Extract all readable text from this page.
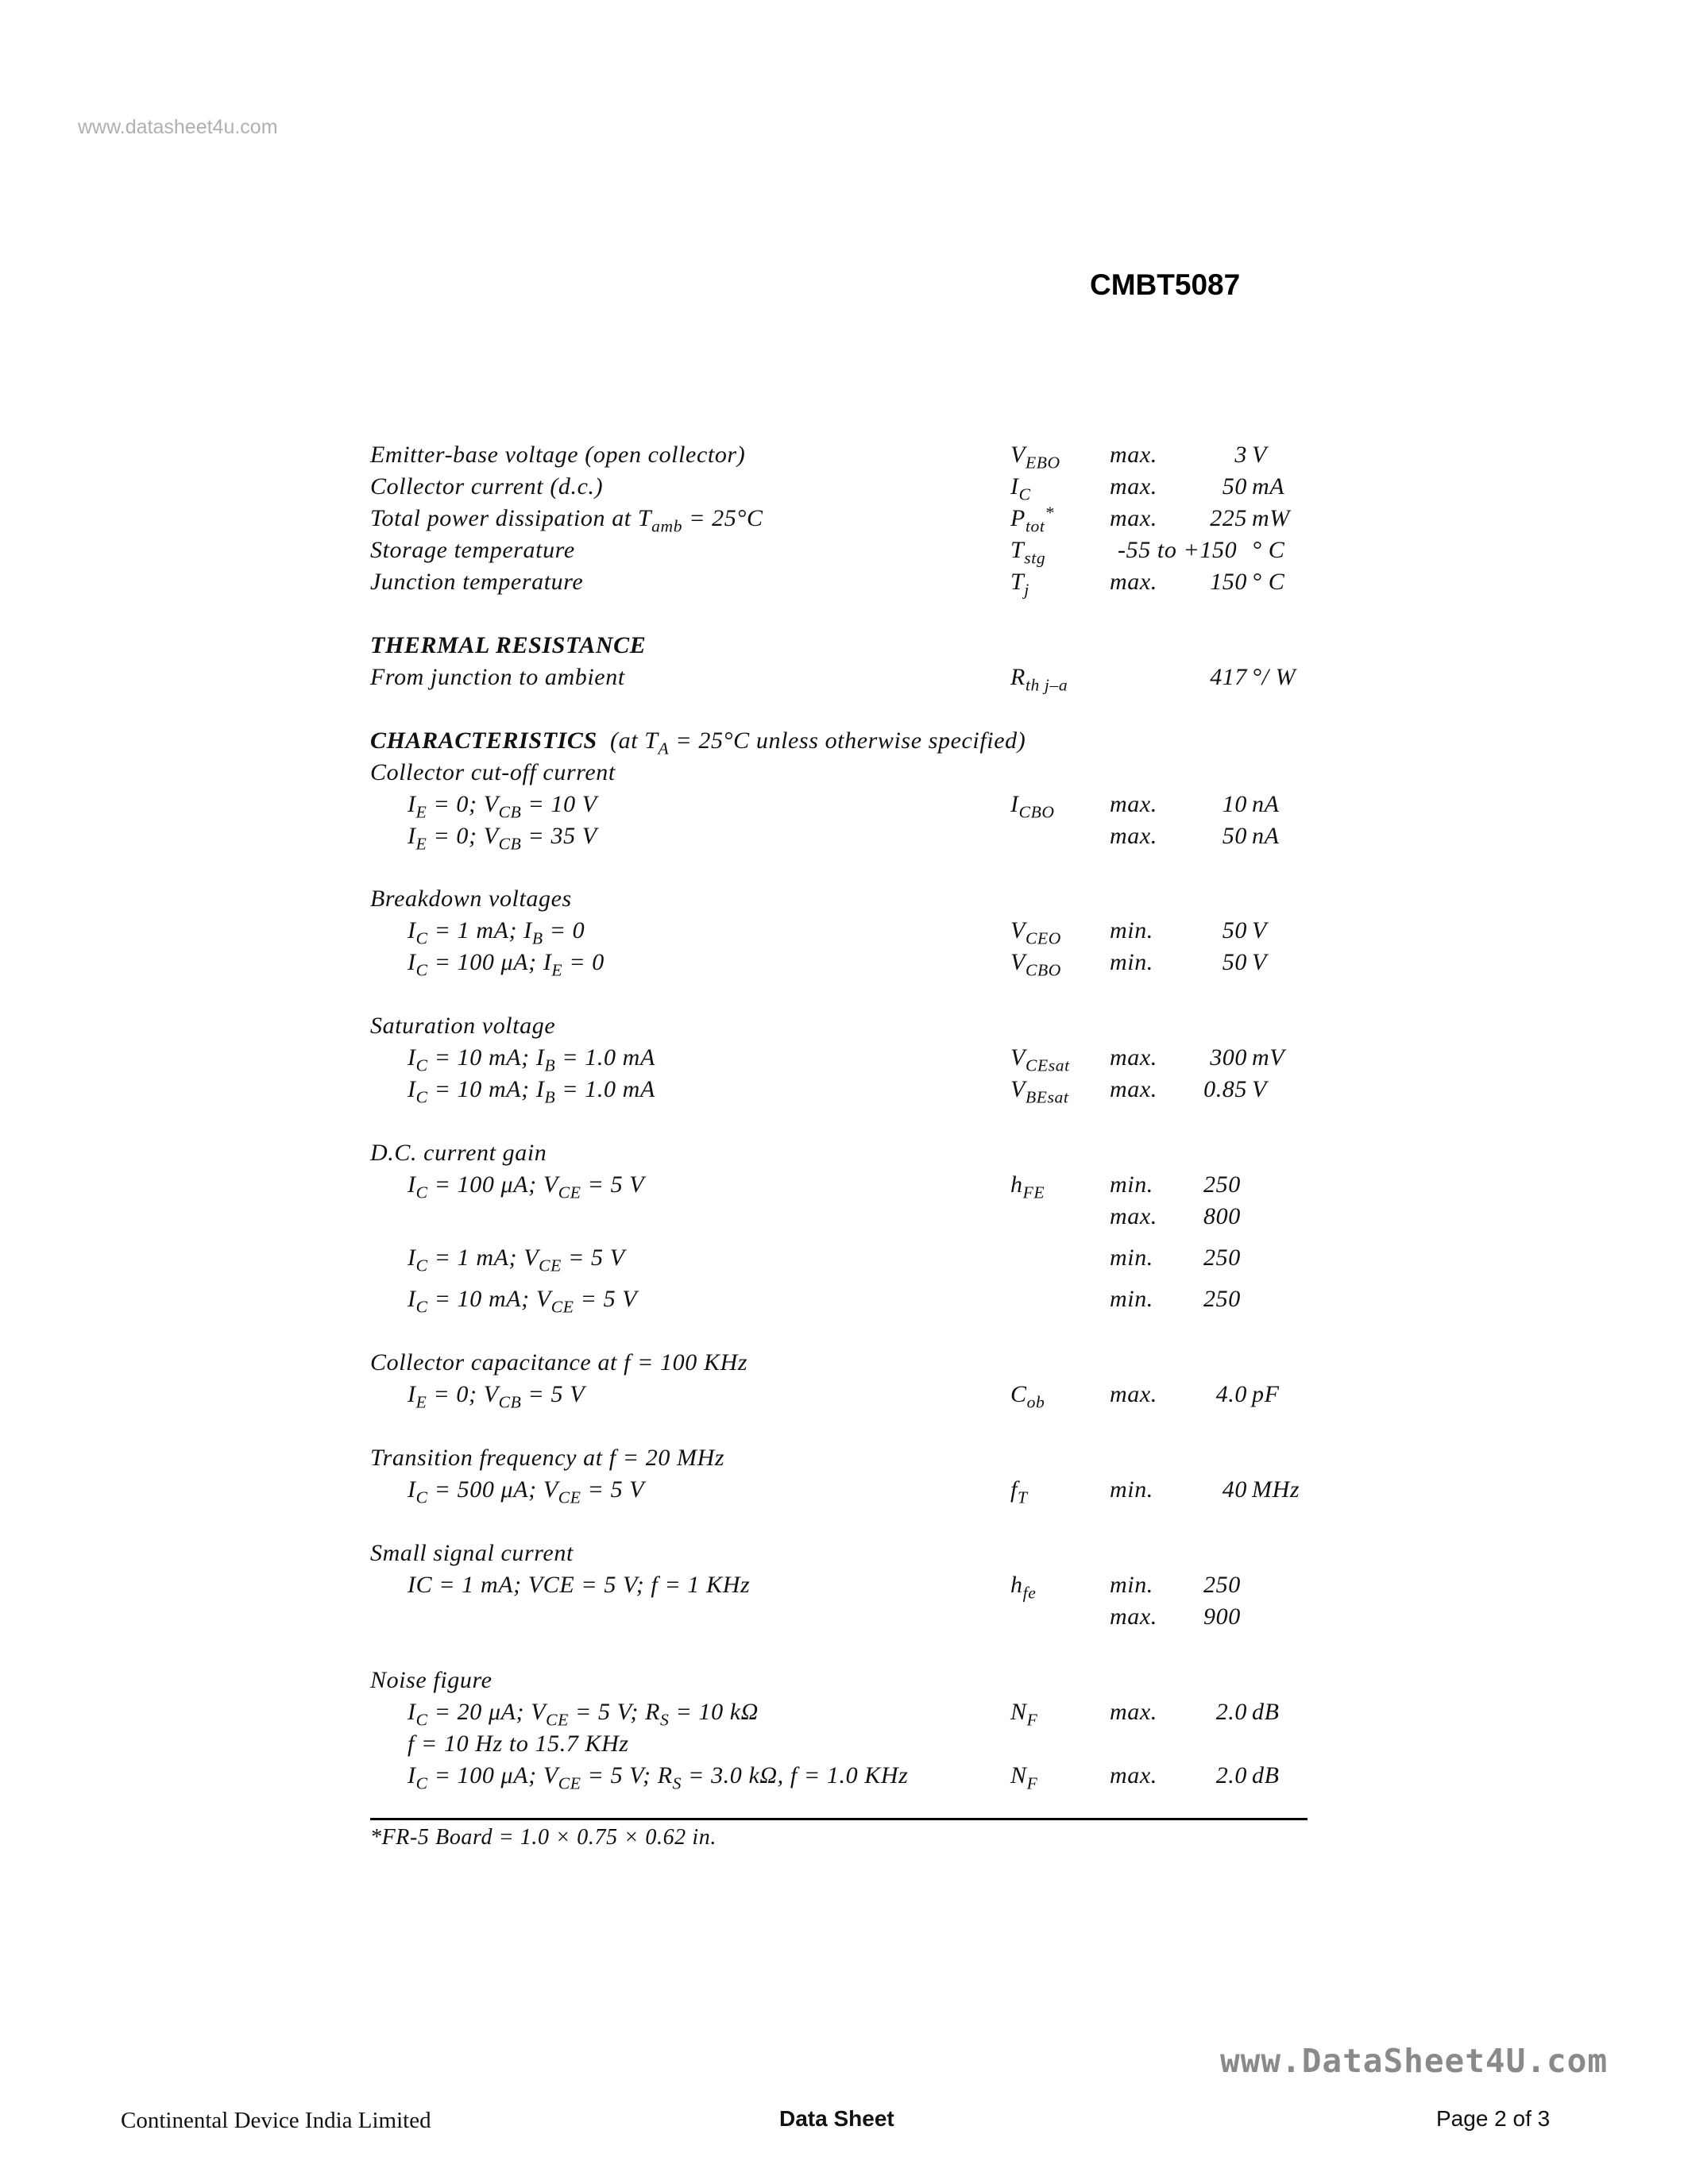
www.datasheet4u.com
CMBT5087
Emitter-base voltage (open collector)	$V_{EBO}$ max.	3 V
Collector current (d.c.)	$I_C$	max.	50 mA
Total power dissipation at $T_{amb} = 25^\circ C$	$P_{tot}^*$ max.	225 mW
Storage temperature	$T_{stg}$	-55 to +150 ° C
Junction temperature	$T_j$	max.	150 ° C
THERMAL RESISTANCE
From junction to ambient	$R_{th j-a}$	417 °/ W
CHARACTERISTICS (at $T_A = 25^\circ C$ unless otherwise specified)
Collector cut-off current
$I_E = 0$; $V_{CB} = 10$ V	$I_{CBO}$ max.	10 nA
$I_E = 0$; $V_{CB} = 35$ V	max.	50 nA
Breakdown voltages
$I_C = 1$ mA; $I_B = 0$	$V_{CEO}$ min.	50 V
$I_C = 100$ μA; $I_E = 0$	$V_{CBO}$ min.	50 V
Saturation voltage
$I_C = 10$ mA; $I_B = 1.0$ mA	$V_{CEsat}$ max.	300 mV
$I_C = 10$ mA; $I_B = 1.0$ mA	$V_{BEsat}$ max.	0.85 V
D.C. current gain
$I_C = 100$ μA; $V_{CE} = 5$ V	$h_{FE}$	min. 250
max. 800
$I_C = 1$ mA; $V_{CE} = 5$ V	min. 250
$I_C = 10$ mA; $V_{CE} = 5$ V	min. 250
Collector capacitance at f = 100 KHz
$I_E = 0$; $V_{CB} = 5$ V	$C_{ob}$	max.	4.0 pF
Transition frequency at f = 20 MHz
$I_C = 500$ μA; $V_{CE} = 5$ V	$f_T$	min.	40 MHz
Small signal current
IC = 1 mA; VCE = 5 V; f = 1 KHz	$h_{fe}$	min. 250
max. 900
Noise figure
$I_C = 20$ μA; $V_{CE} = 5$ V; $R_S = 10$ kΩ	$N_F$	max.	2.0 dB
f = 10 Hz to 15.7 KHz
$I_C = 100$ μA; $V_{CE} = 5$ V; $R_S = 3.0$ kΩ, f = 1.0 KHz	$N_F$	max.	2.0 dB
*FR-5 Board = 1.0 × 0.75 × 0.62 in.
www.DataSheet4U.com
Continental Device India Limited	Data Sheet	Page 2 of 3
